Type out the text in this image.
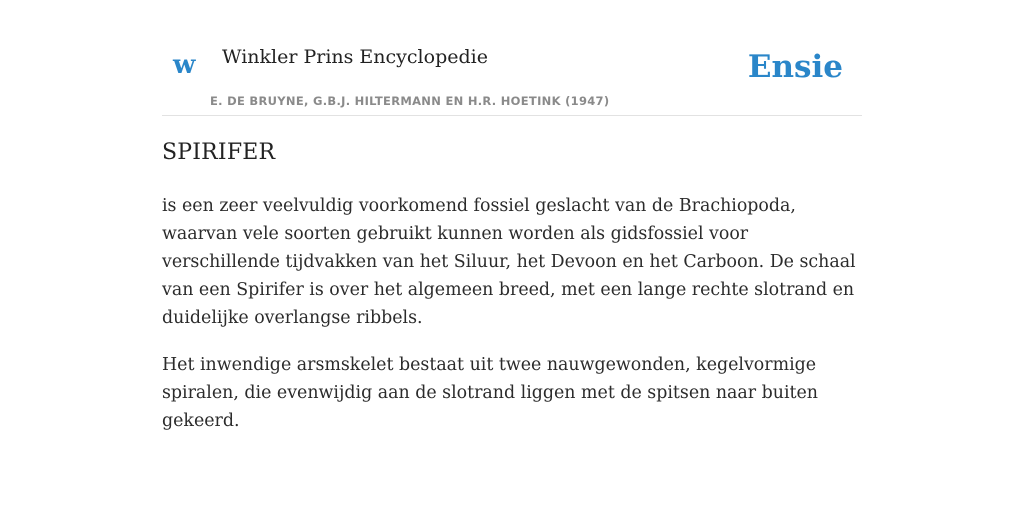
w Winkler Prins Encyclopedie
E. DE BRUYNE, G.B.J. HILTERMANN EN H.R. HOETINK (1947)
Ensie
SPIRIFER

is een zeer veelvuldig voorkomend fossiel geslacht van de Brachiopoda, waarvan vele soorten gebruikt kunnen worden als gidsfossiel voor verschillende tijdvakken van het Siluur, het Devoon en het Carboon. De schaal van een Spirifer is over het algemeen breed, met een lange rechte slotrand en duidelijke overlangse ribbels.

Het inwendige arsmskelet bestaat uit twee nauwgewonden, kegelvormige spiralen, die evenwijdig aan de slotrand liggen met de spitsen naar buiten gekeerd.
